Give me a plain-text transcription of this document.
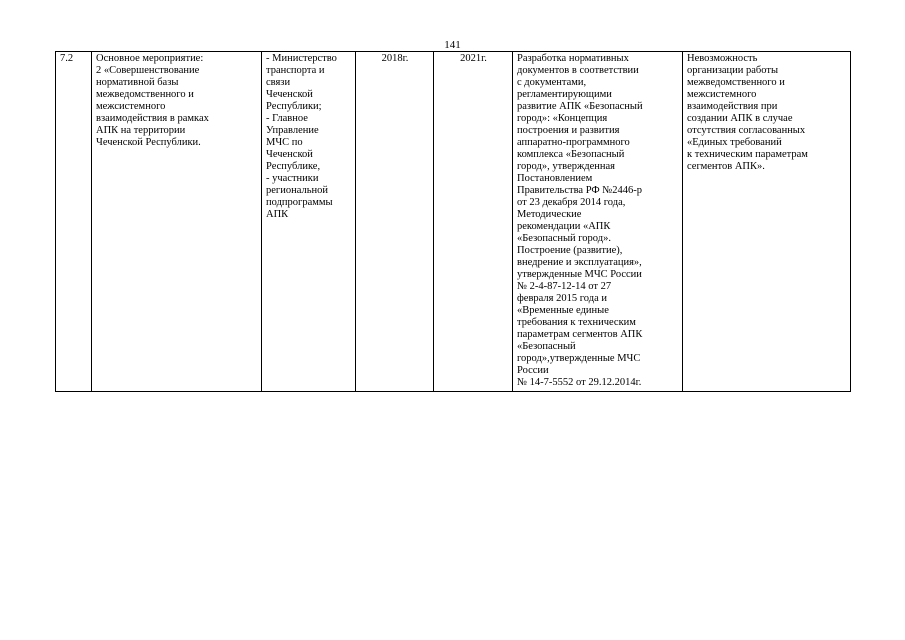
141
7.2	Основное мероприятие:
2 «Совершенствование
нормативной базы
межведомственного и
межсистемного
взаимодействия в рамках
АПК на территории
Чеченской Республики.	- Министерство
транспорта и
связи
Чеченской
Республики;
- Главное
Управление
МЧС по
Чеченской
Республике,
- участники
региональной
подпрограммы
АПК	2018г.	2021г.	Разработка нормативных
документов в соответствии
с документами,
регламентирующими
развитие АПК «Безопасный
город»: «Концепция
построения и развития
аппаратно-программного
комплекса «Безопасный
город», утвержденная
Постановлением
Правительства РФ №2446-р
от 23 декабря 2014 года,
Методические
рекомендации «АПК
«Безопасный город».
Построение (развитие),
внедрение и эксплуатация»,
утвержденные МЧС России
№ 2-4-87-12-14 от 27
февраля 2015 года и
«Временные единые
требования к техническим
параметрам сегментов АПК
«Безопасный
город»,утвержденные МЧС
России
№ 14-7-5552 от 29.12.2014г.	Невозможность
организации работы
межведомственного и
межсистемного
взаимодействия при
создании АПК в случае
отсутствия согласованных
«Единых требований
к техническим параметрам
сегментов АПК».
